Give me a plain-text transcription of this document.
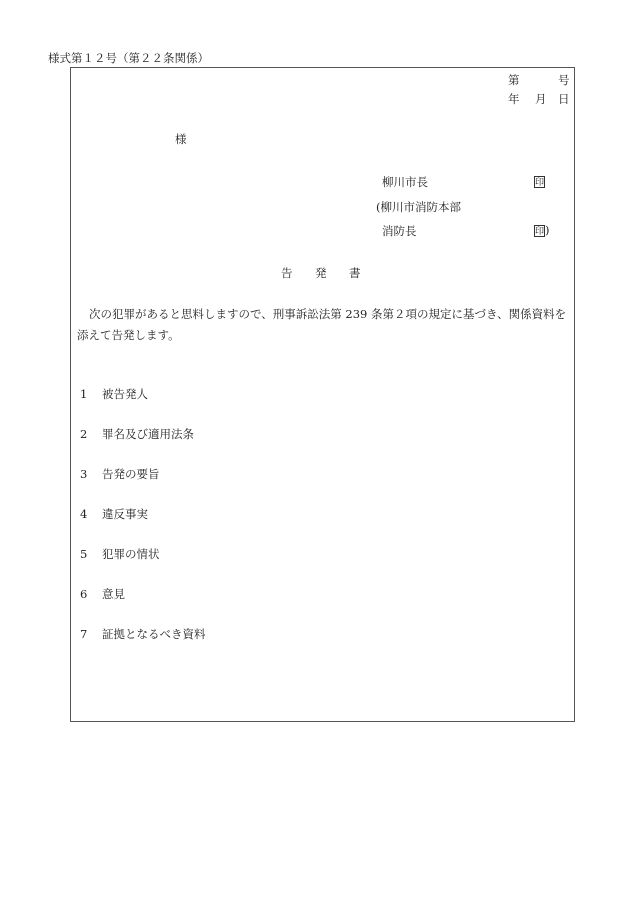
様式第１２号（第２２条関係）
第	号
年 月 日
様
柳川市長	印
(柳川市消防本部
消防長	印)
告 発 書
次の犯罪があると思料しますので、刑事訴訟法第 239 条第２項の規定に基づき、関係資料を添えて告発します。
1 被告発人
2 罪名及び適用法条
3 告発の要旨
4 違反事実
5 犯罪の情状
6 意見
7 証拠となるべき資料
